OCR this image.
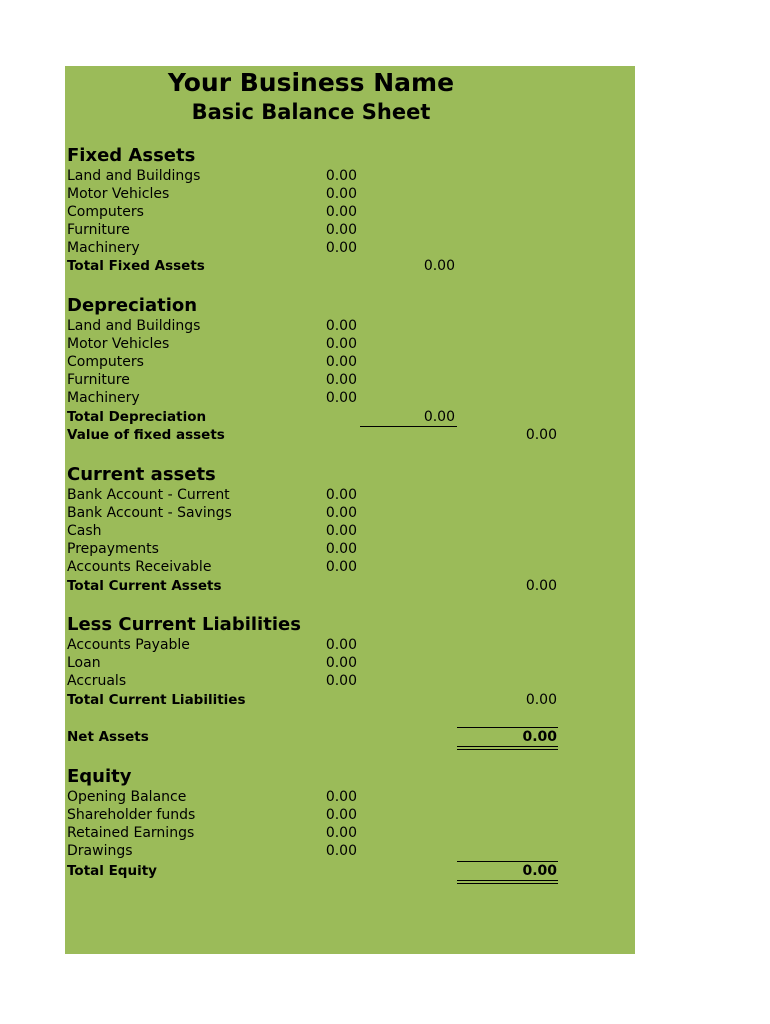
Your Business Name
Basic Balance Sheet
Fixed Assets
Land and Buildings	0.00
Motor Vehicles	0.00
Computers	0.00
Furniture	0.00
Machinery	0.00
Total Fixed Assets	0.00
Depreciation
Land and Buildings	0.00
Motor Vehicles	0.00
Computers	0.00
Furniture	0.00
Machinery	0.00
Total Depreciation	0.00
Value of fixed assets	0.00
Current assets
Bank Account - Current	0.00
Bank Account - Savings	0.00
Cash	0.00
Prepayments	0.00
Accounts Receivable	0.00
Total Current Assets	0.00
Less Current Liabilities
Accounts Payable	0.00
Loan	0.00
Accruals	0.00
Total Current Liabilities	0.00
Net Assets	0.00
Equity
Opening Balance	0.00
Shareholder funds	0.00
Retained Earnings	0.00
Drawings	0.00
Total Equity	0.00
